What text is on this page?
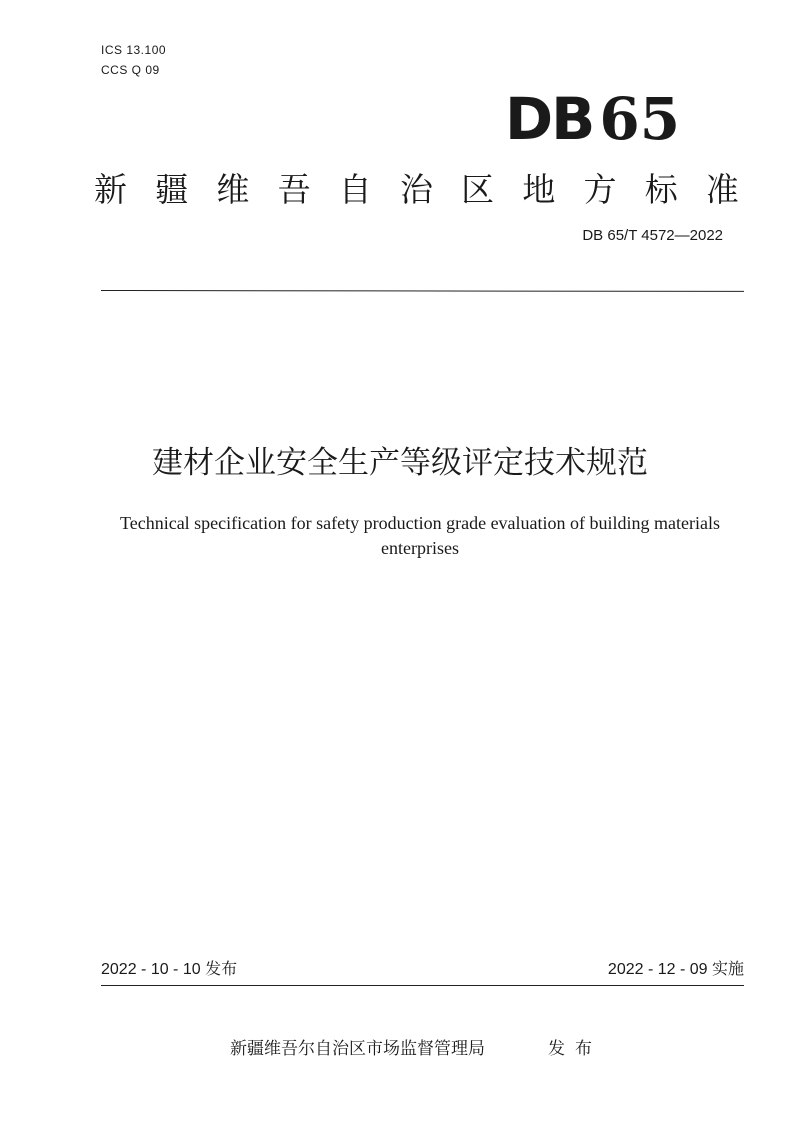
ICS 13.100
CCS Q 09
DB 65
新 疆 维 吾 自 治 区 地 方 标 准
DB 65/T 4572—2022
建材企业安全生产等级评定技术规范
Technical specification for safety production grade evaluation of building materials
enterprises
2022 - 10 - 10 发布	2022 - 12 - 09 实施
新疆维吾尔自治区市场监督管理局	发布
